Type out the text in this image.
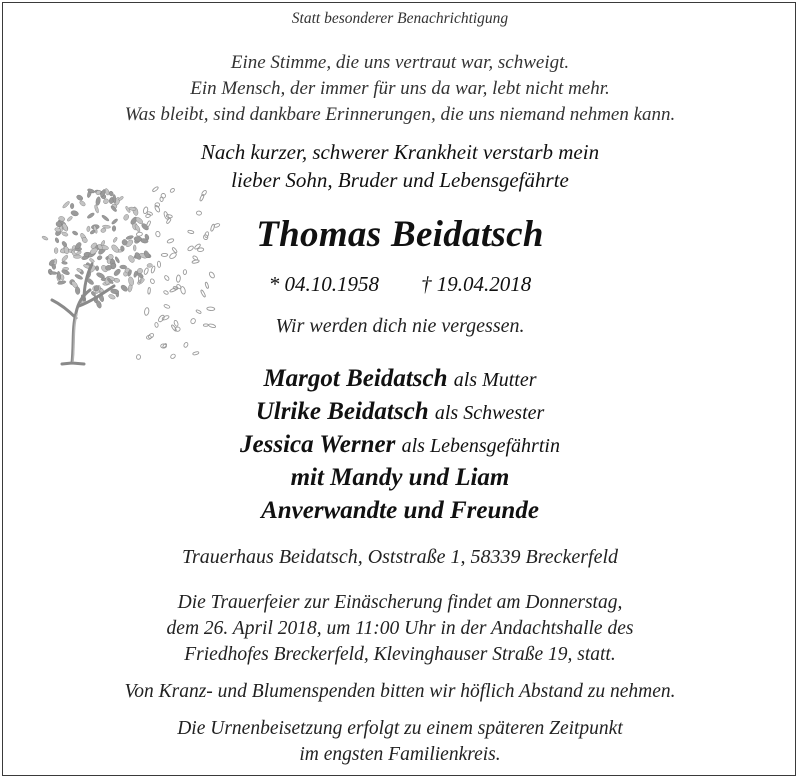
Statt besonderer Benachrichtigung
Eine Stimme, die uns vertraut war, schweigt.
Ein Mensch, der immer für uns da war, lebt nicht mehr.
Was bleibt, sind dankbare Erinnerungen, die uns niemand nehmen kann.
Nach kurzer, schwerer Krankheit verstarb mein
lieber Sohn, Bruder und Lebensgefährte
Thomas Beidatsch
* 04.10.1958 † 19.04.2018
Wir werden dich nie vergessen.
Margot Beidatsch als Mutter
Ulrike Beidatsch als Schwester
Jessica Werner als Lebensgefährtin
mit Mandy und Liam
Anverwandte und Freunde
Trauerhaus Beidatsch, Oststraße 1, 58339 Breckerfeld
Die Trauerfeier zur Einäscherung findet am Donnerstag,
dem 26. April 2018, um 11:00 Uhr in der Andachtshalle des
Friedhofes Breckerfeld, Klevinghauser Straße 19, statt.
Von Kranz- und Blumenspenden bitten wir höflich Abstand zu nehmen.
Die Urnenbeisetzung erfolgt zu einem späteren Zeitpunkt
im engsten Familienkreis.
